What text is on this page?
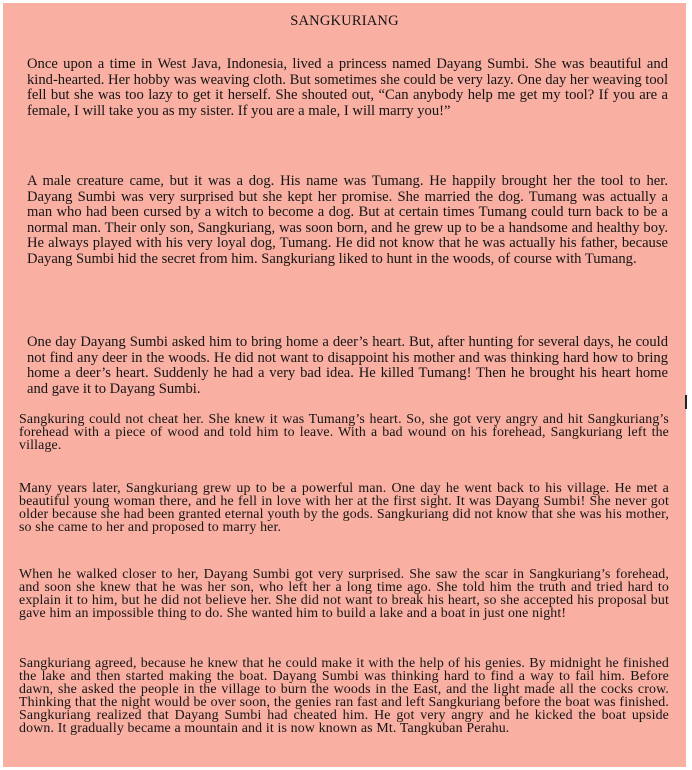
SANGKURIANG
Once upon a time in West Java, Indonesia, lived a princess named Dayang Sumbi. She was beautiful and kind-hearted. Her hobby was weaving cloth. But sometimes she could be very lazy. One day her weaving tool fell but she was too lazy to get it herself. She shouted out, “Can anybody help me get my tool? If you are a female, I will take you as my sister. If you are a male, I will marry you!”
A male creature came, but it was a dog. His name was Tumang. He happily brought her the tool to her. Dayang Sumbi was very surprised but she kept her promise. She married the dog. Tumang was actually a man who had been cursed by a witch to become a dog. But at certain times Tumang could turn back to be a normal man. Their only son, Sangkuriang, was soon born, and he grew up to be a handsome and healthy boy. He always played with his very loyal dog, Tumang. He did not know that he was actually his father, because Dayang Sumbi hid the secret from him. Sangkuriang liked to hunt in the woods, of course with Tumang.
One day Dayang Sumbi asked him to bring home a deer’s heart. But, after hunting for several days, he could not find any deer in the woods. He did not want to disappoint his mother and was thinking hard how to bring home a deer’s heart. Suddenly he had a very bad idea. He killed Tumang! Then he brought his heart home and gave it to Dayang Sumbi.
Sangkuring could not cheat her. She knew it was Tumang’s heart. So, she got very angry and hit Sangkuriang’s forehead with a piece of wood and told him to leave. With a bad wound on his forehead, Sangkuriang left the village.
Many years later, Sangkuriang grew up to be a powerful man. One day he went back to his village. He met a beautiful young woman there, and he fell in love with her at the first sight. It was Dayang Sumbi! She never got older because she had been granted eternal youth by the gods. Sangkuriang did not know that she was his mother, so she came to her and proposed to marry her.
When he walked closer to her, Dayang Sumbi got very surprised. She saw the scar in Sangkuriang’s forehead, and soon she knew that he was her son, who left her a long time ago. She told him the truth and tried hard to explain it to him, but he did not believe her. She did not want to break his heart, so she accepted his proposal but gave him an impossible thing to do. She wanted him to build a lake and a boat in just one night!
Sangkuriang agreed, because he knew that he could make it with the help of his genies. By midnight he finished the lake and then started making the boat. Dayang Sumbi was thinking hard to find a way to fail him. Before dawn, she asked the people in the village to burn the woods in the East, and the light made all the cocks crow. Thinking that the night would be over soon, the genies ran fast and left Sangkuriang before the boat was finished. Sangkuriang realized that Dayang Sumbi had cheated him. He got very angry and he kicked the boat upside down. It gradually became a mountain and it is now known as Mt. Tangkuban Perahu.
